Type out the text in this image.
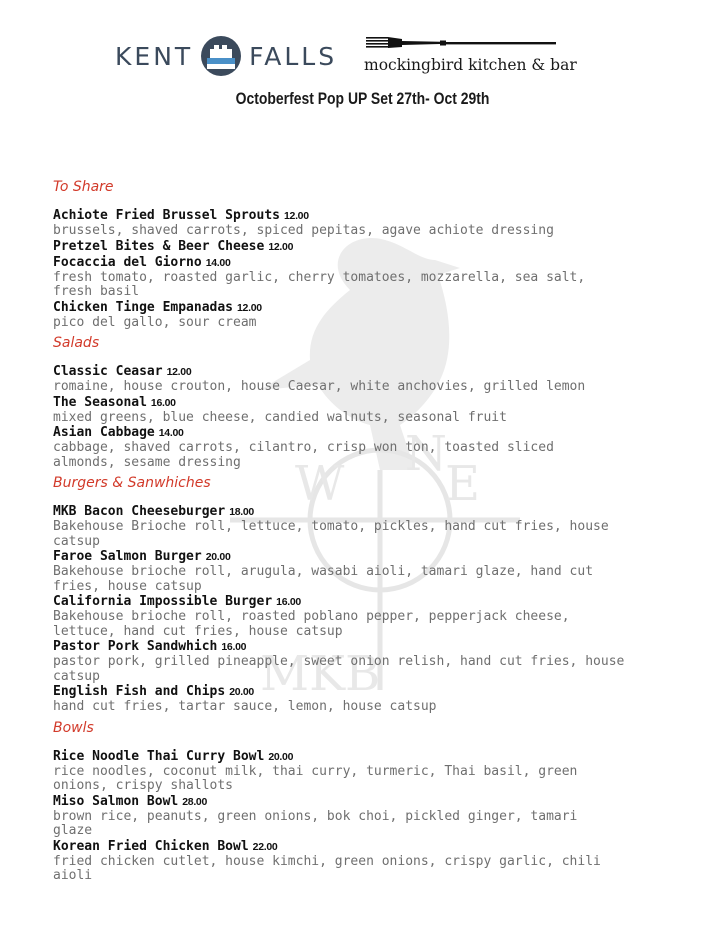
KENT FALLS mockingbird kitchen & bar
Octoberfest Pop UP Set 27th- Oct 29th
W E
N
MKB
To Share
Achiote Fried Brussel Sprouts 12.00
brussels, shaved carrots, spiced pepitas, agave achiote dressing
Pretzel Bites & Beer Cheese 12.00
Focaccia del Giorno 14.00
fresh tomato, roasted garlic, cherry tomatoes, mozzarella, sea salt,
fresh basil
Chicken Tinge Empanadas 12.00
pico del gallo, sour cream
Salads
Classic Ceasar 12.00
romaine, house crouton, house Caesar, white anchovies, grilled lemon
The Seasonal 16.00
mixed greens, blue cheese, candied walnuts, seasonal fruit
Asian Cabbage 14.00
cabbage, shaved carrots, cilantro, crisp won ton, toasted sliced
almonds, sesame dressing
Burgers & Sanwhiches
MKB Bacon Cheeseburger 18.00
Bakehouse Brioche roll, lettuce, tomato, pickles, hand cut fries, house
catsup
Faroe Salmon Burger 20.00
Bakehouse brioche roll, arugula, wasabi aioli, tamari glaze, hand cut
fries, house catsup
California Impossible Burger 16.00
Bakehouse brioche roll, roasted poblano pepper, pepperjack cheese,
lettuce, hand cut fries, house catsup
Pastor Pork Sandwhich 16.00
pastor pork, grilled pineapple, sweet onion relish, hand cut fries, house
catsup
English Fish and Chips 20.00
hand cut fries, tartar sauce, lemon, house catsup
Bowls
Rice Noodle Thai Curry Bowl 20.00
rice noodles, coconut milk, thai curry, turmeric, Thai basil, green
onions, crispy shallots
Miso Salmon Bowl 28.00
brown rice, peanuts, green onions, bok choi, pickled ginger, tamari
glaze
Korean Fried Chicken Bowl 22.00
fried chicken cutlet, house kimchi, green onions, crispy garlic, chili
aioli
